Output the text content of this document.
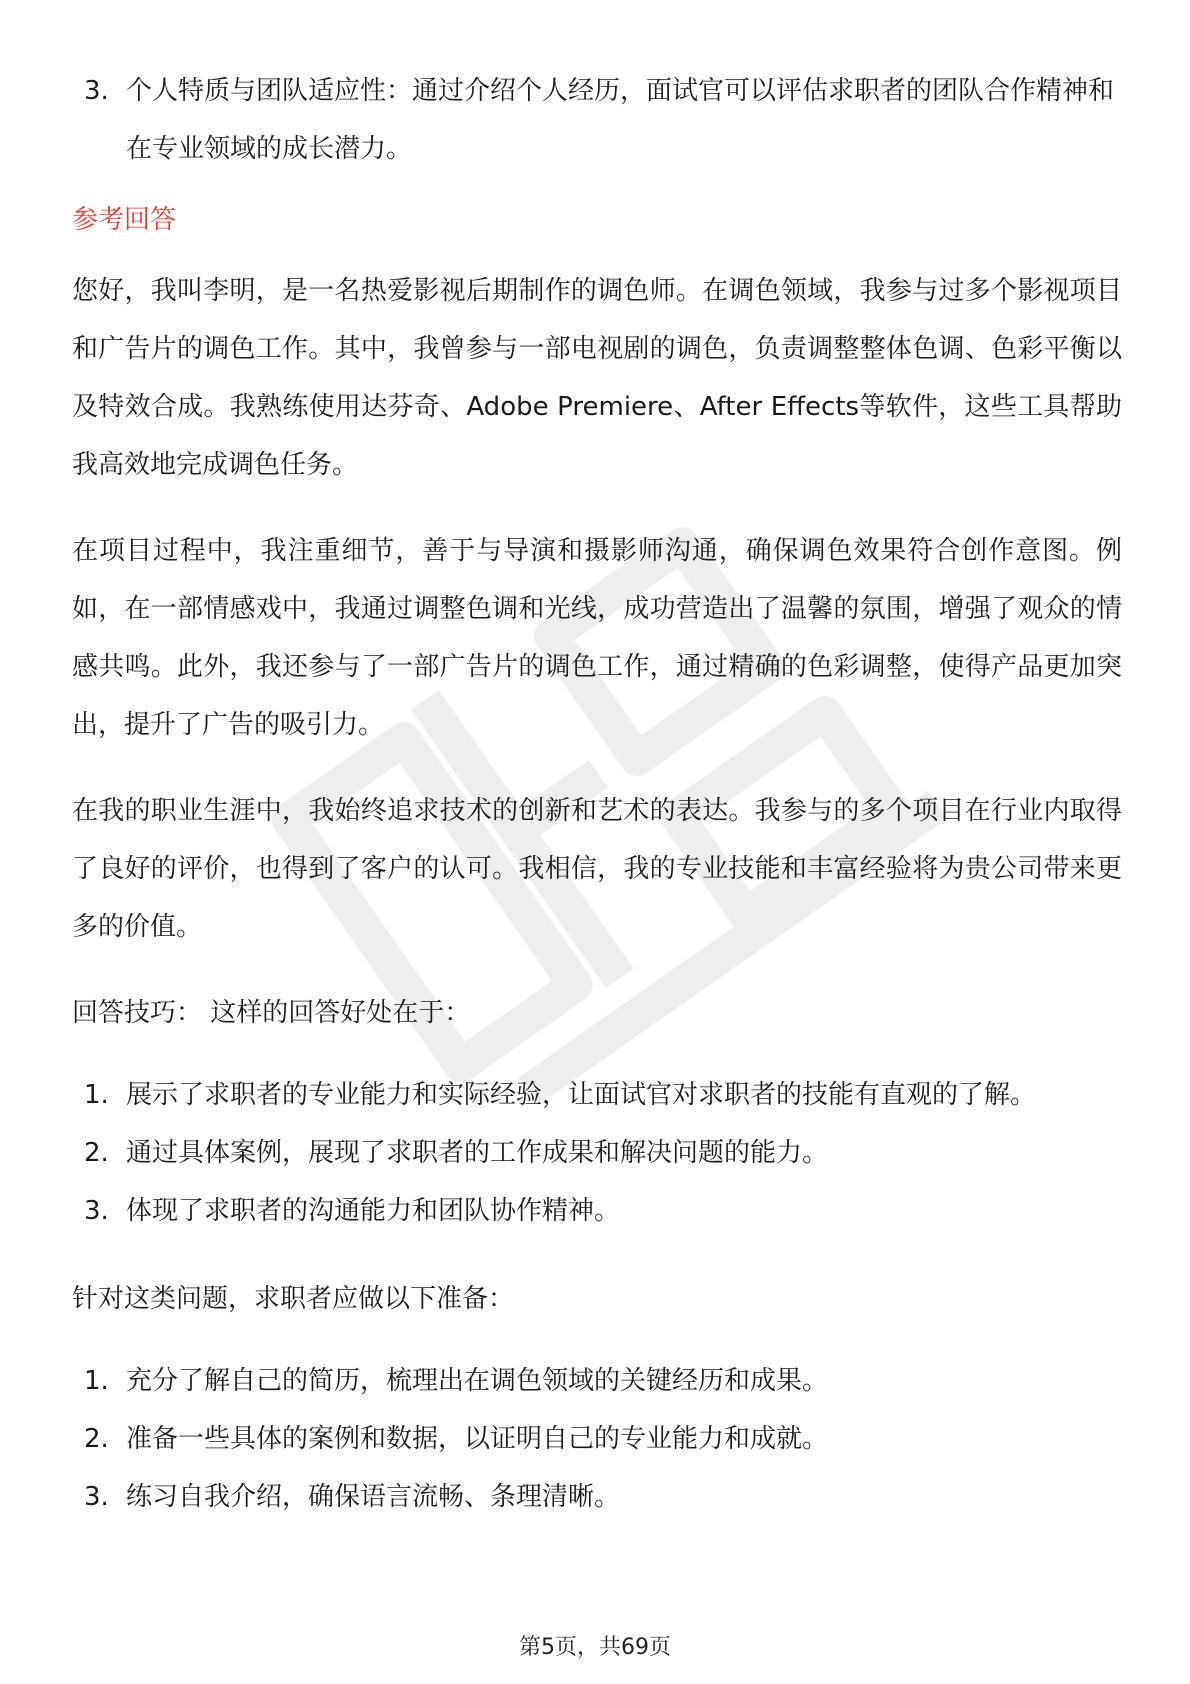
3. 个人特质与团队适应性：通过介绍个人经历，面试官可以评估求职者的团队合作精神和在专业领域的成长潜力。
参考回答

您好，我叫李明，是一名热爱影视后期制作的调色师。在调色领域，我参与过多个影视项目和广告片的调色工作。其中，我曾参与一部电视剧的调色，负责调整整体色调、色彩平衡以及特效合成。我熟练使用达芬奇、Adobe Premiere、After Effects等软件，这些工具帮助我高效地完成调色任务。

在项目过程中，我注重细节，善于与导演和摄影师沟通，确保调色效果符合创作意图。例如，在一部情感戏中，我通过调整色调和光线，成功营造出了温馨的氛围，增强了观众的情感共鸣。此外，我还参与了一部广告片的调色工作，通过精确的色彩调整，使得产品更加突出，提升了广告的吸引力。

在我的职业生涯中，我始终追求技术的创新和艺术的表达。我参与的多个项目在行业内取得了良好的评价，也得到了客户的认可。我相信，我的专业技能和丰富经验将为贵公司带来更多的价值。

回答技巧： 这样的回答好处在于：
1. 展示了求职者的专业能力和实际经验，让面试官对求职者的技能有直观的了解。
2. 通过具体案例，展现了求职者的工作成果和解决问题的能力。
3. 体现了求职者的沟通能力和团队协作精神。
针对这类问题，求职者应做以下准备：
1. 充分了解自己的简历，梳理出在调色领域的关键经历和成果。
2. 准备一些具体的案例和数据，以证明自己的专业能力和成就。
3. 练习自我介绍，确保语言流畅、条理清晰。
第5页，共69页
